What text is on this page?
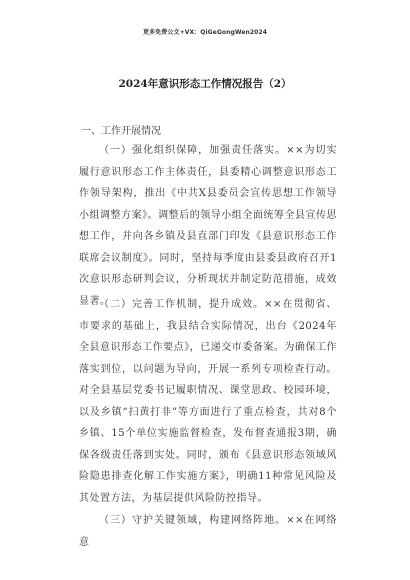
更多免费公文+VX：QiGeGongWen2024
2024年意识形态工作情况报告（2）
一、工作开展情况

（一）强化组织保障，加强责任落实。××为切实履行意识形态工作主体责任，县委精心调整意识形态工作领导架构，推出《中共X县委员会宣传思想工作领导小组调整方案》。调整后的领导小组全面统筹全县宣传思想工作，并向各乡镇及县直部门印发《县意识形态工作联席会议制度》。同时，坚持每季度由县委县政府召开1次意识形态研判会议，分析现状并制定防范措施，成效显著。

（二）完善工作机制，提升成效。××在贯彻省、市要求的基础上，我县结合实际情况，出台《2024年全县意识形态工作要点》，已递交市委备案。为确保工作落实到位，以问题为导向，开展一系列专项检查行动。对全县基层党委书记履职情况、课堂思政、校园环境，以及乡镇“扫黄打非”等方面进行了重点检查，共对8个乡镇、15个单位实施监督检查，发布督查通报3期，确保各级责任落到实处。同时，颁布《县意识形态领域风险隐患排查化解工作实施方案》，明确11种常见风险及其处置方法，为基层提供风险防控指导。

（三）守护关键领域，构建网络阵地。××在网络意
